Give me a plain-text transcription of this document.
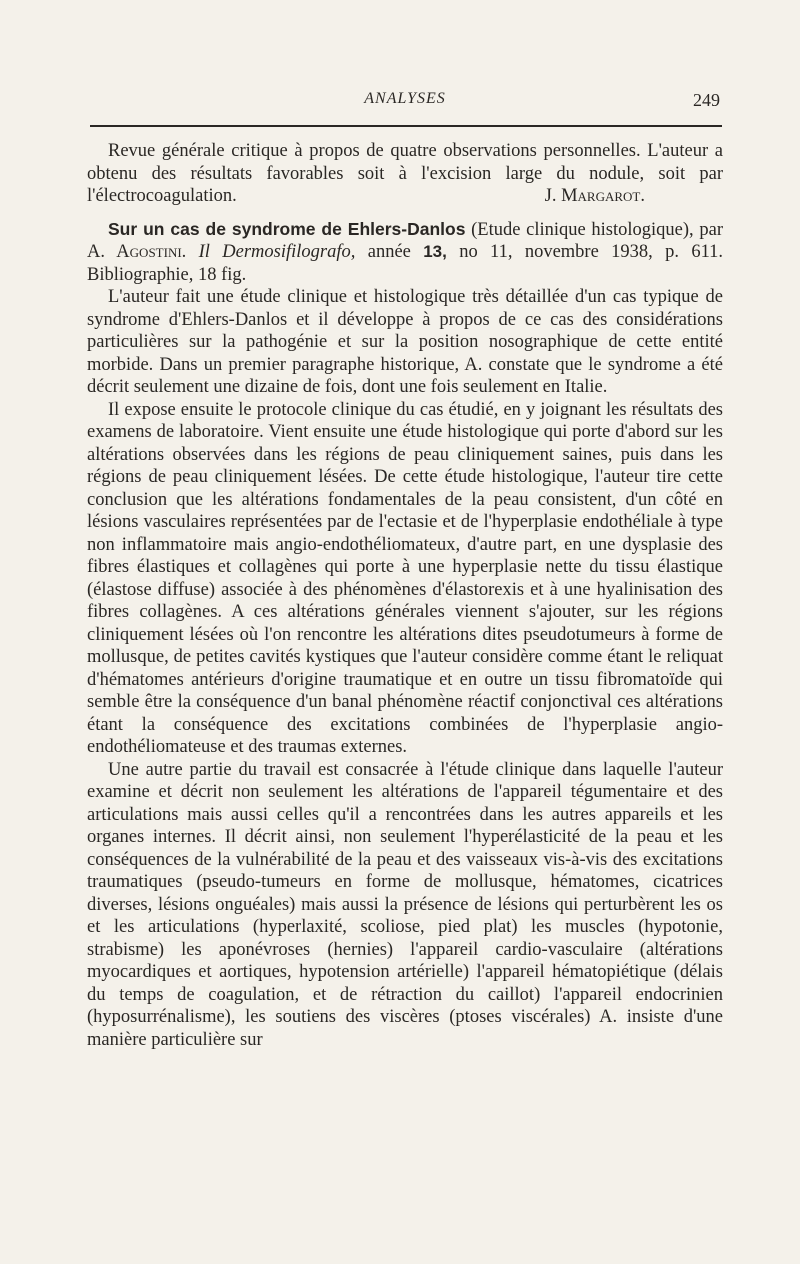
ANALYSES	249

Revue générale critique à propos de quatre observations personnelles. L'auteur a obtenu des résultats favorables soit à l'excision large du nodule, soit par l'électrocoagulation.	J. Margarot.

Sur un cas de syndrome de Ehlers-Danlos (Etude clinique histologique), par A. Agostini. Il Dermosifilografo, année 13, no 11, novembre 1938, p. 611. Bibliographie, 18 fig.

L'auteur fait une étude clinique et histologique très détaillée d'un cas typique de syndrome d'Ehlers-Danlos et il développe à propos de ce cas des considérations particulières sur la pathogénie et sur la position nosographique de cette entité morbide. Dans un premier paragraphe historique, A. constate que le syndrome a été décrit seulement une dizaine de fois, dont une fois seulement en Italie.

Il expose ensuite le protocole clinique du cas étudié, en y joignant les résultats des examens de laboratoire. Vient ensuite une étude histologique qui porte d'abord sur les altérations observées dans les régions de peau cliniquement saines, puis dans les régions de peau cliniquement lésées. De cette étude histologique, l'auteur tire cette conclusion que les altérations fondamentales de la peau consistent, d'un côté en lésions vasculaires représentées par de l'ectasie et de l'hyperplasie endothéliale à type non inflammatoire mais angio-endothéliomateux, d'autre part, en une dysplasie des fibres élastiques et collagènes qui porte à une hyperplasie nette du tissu élastique (élastose diffuse) associée à des phénomènes d'élastorexis et à une hyalinisation des fibres collagènes. A ces altérations générales viennent s'ajouter, sur les régions cliniquement lésées où l'on rencontre les altérations dites pseudotumeurs à forme de mollusque, de petites cavités kystiques que l'auteur considère comme étant le reliquat d'hématomes antérieurs d'origine traumatique et en outre un tissu fibromatoïde qui semble être la conséquence d'un banal phénomène réactif conjonctival ces altérations étant la conséquence des excitations combinées de l'hyperplasie angio-endothéliomateuse et des traumas externes.

Une autre partie du travail est consacrée à l'étude clinique dans laquelle l'auteur examine et décrit non seulement les altérations de l'appareil tégumentaire et des articulations mais aussi celles qu'il a rencontrées dans les autres appareils et les organes internes. Il décrit ainsi, non seulement l'hyperélasticité de la peau et les conséquences de la vulnérabilité de la peau et des vaisseaux vis-à-vis des excitations traumatiques (pseudo-tumeurs en forme de mollusque, hématomes, cicatrices diverses, lésions onguéales) mais aussi la présence de lésions qui perturbèrent les os et les articulations (hyperlaxité, scoliose, pied plat) les muscles (hypotonie, strabisme) les aponévroses (hernies) l'appareil cardio-vasculaire (altérations myocardiques et aortiques, hypotension artérielle) l'appareil hématopiétique (délais du temps de coagulation, et de rétraction du caillot) l'appareil endocrinien (hyposurrénalisme), les soutiens des viscères (ptoses viscérales) A. insiste d'une manière particulière sur
